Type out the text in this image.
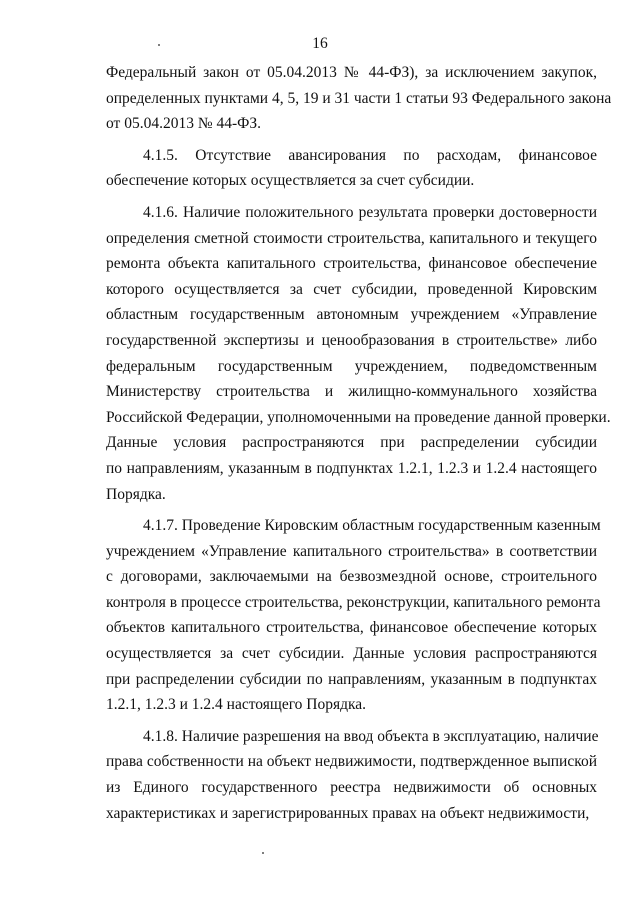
16
Федеральный закон от 05.04.2013 № 44-ФЗ), за исключением закупок,
определенных пунктами 4, 5, 19 и 31 части 1 статьи 93 Федерального закона
от 05.04.2013 № 44-ФЗ.
4.1.5. Отсутствие авансирования по расходам, финансовое
обеспечение которых осуществляется за счет субсидии.
4.1.6. Наличие положительного результата проверки достоверности
определения сметной стоимости строительства, капитального и текущего
ремонта объекта капитального строительства, финансовое обеспечение
которого осуществляется за счет субсидии, проведенной Кировским
областным государственным автономным учреждением «Управление
государственной экспертизы и ценообразования в строительстве» либо
федеральным государственным учреждением, подведомственным
Министерству строительства и жилищно-коммунального хозяйства
Российской Федерации, уполномоченными на проведение данной проверки.
Данные условия распространяются при распределении субсидии
по направлениям, указанным в подпунктах 1.2.1, 1.2.3 и 1.2.4 настоящего
Порядка.
4.1.7. Проведение Кировским областным государственным казенным
учреждением «Управление капитального строительства» в соответствии
с договорами, заключаемыми на безвозмездной основе, строительного
контроля в процессе строительства, реконструкции, капитального ремонта
объектов капитального строительства, финансовое обеспечение которых
осуществляется за счет субсидии. Данные условия распространяются
при распределении субсидии по направлениям, указанным в подпунктах
1.2.1, 1.2.3 и 1.2.4 настоящего Порядка.
4.1.8. Наличие разрешения на ввод объекта в эксплуатацию, наличие
права собственности на объект недвижимости, подтвержденное выпиской
из Единого государственного реестра недвижимости об основных
характеристиках и зарегистрированных правах на объект недвижимости,
